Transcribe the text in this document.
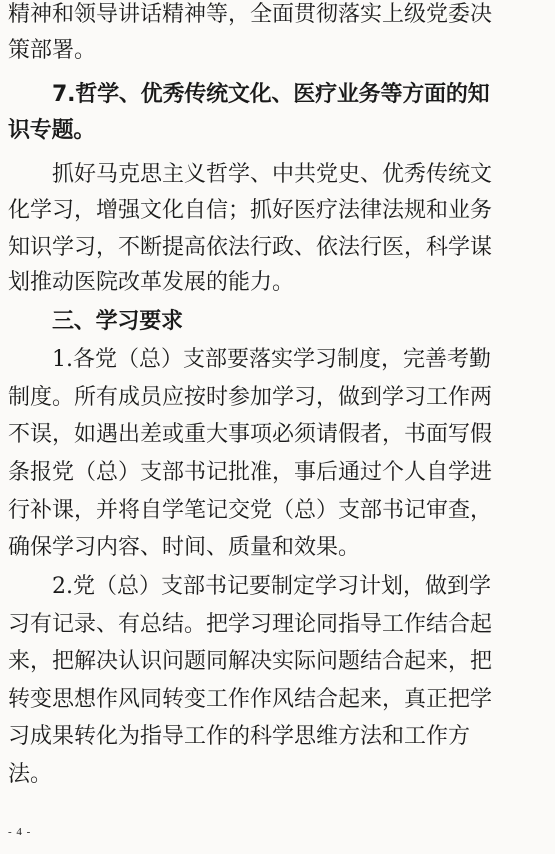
精神和领导讲话精神等，全面贯彻落实上级党委决
策部署。
7.哲学、优秀传统文化、医疗业务等方面的知
识专题。
抓好马克思主义哲学、中共党史、优秀传统文
化学习，增强文化自信；抓好医疗法律法规和业务
知识学习，不断提高依法行政、依法行医，科学谋
划推动医院改革发展的能力。
三、学习要求
1.各党（总）支部要落实学习制度，完善考勤
制度。所有成员应按时参加学习，做到学习工作两
不误，如遇出差或重大事项必须请假者，书面写假
条报党（总）支部书记批准，事后通过个人自学进
行补课，并将自学笔记交党（总）支部书记审查，
确保学习内容、时间、质量和效果。
2.党（总）支部书记要制定学习计划，做到学
习有记录、有总结。把学习理论同指导工作结合起
来，把解决认识问题同解决实际问题结合起来，把
转变思想作风同转变工作作风结合起来，真正把学
习成果转化为指导工作的科学思维方法和工作方
法。
- 4 -
